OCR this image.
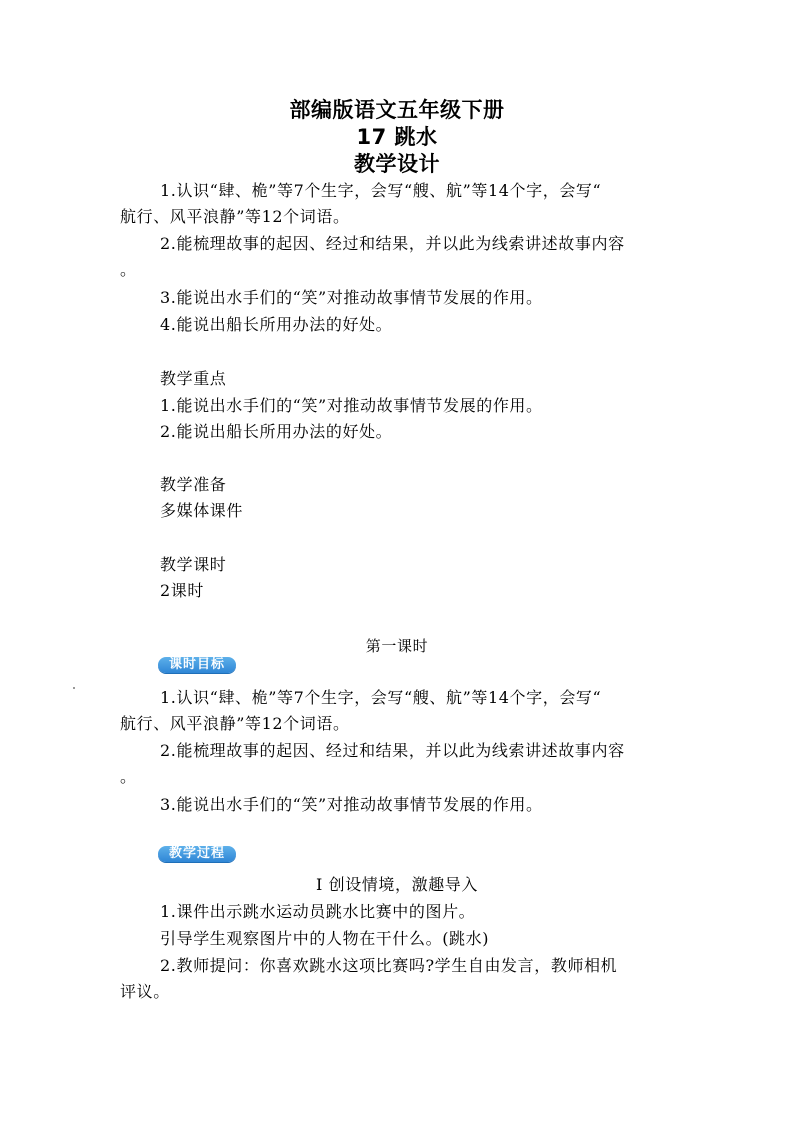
部编版语文五年级下册
17 跳水
教学设计
1.认识“肆、桅”等7个生字，会写“艘、航”等14个字，会写“
航行、风平浪静”等12个词语。
2.能梳理故事的起因、经过和结果，并以此为线索讲述故事内容
。
3.能说出水手们的“笑”对推动故事情节发展的作用。
4.能说出船长所用办法的好处。
教学重点
1.能说出水手们的“笑”对推动故事情节发展的作用。
2.能说出船长所用办法的好处。
教学准备
多媒体课件
教学课时
2课时
第一课时
课时目标
1.认识“肆、桅”等7个生字，会写“艘、航”等14个字，会写“
航行、风平浪静”等12个词语。
2.能梳理故事的起因、经过和结果，并以此为线索讲述故事内容
。
3.能说出水手们的“笑”对推动故事情节发展的作用。
教学过程
Ⅰ 创设情境，激趣导入
1.课件出示跳水运动员跳水比赛中的图片。
引导学生观察图片中的人物在干什么。(跳水)
2.教师提问：你喜欢跳水这项比赛吗?学生自由发言，教师相机
评议。
